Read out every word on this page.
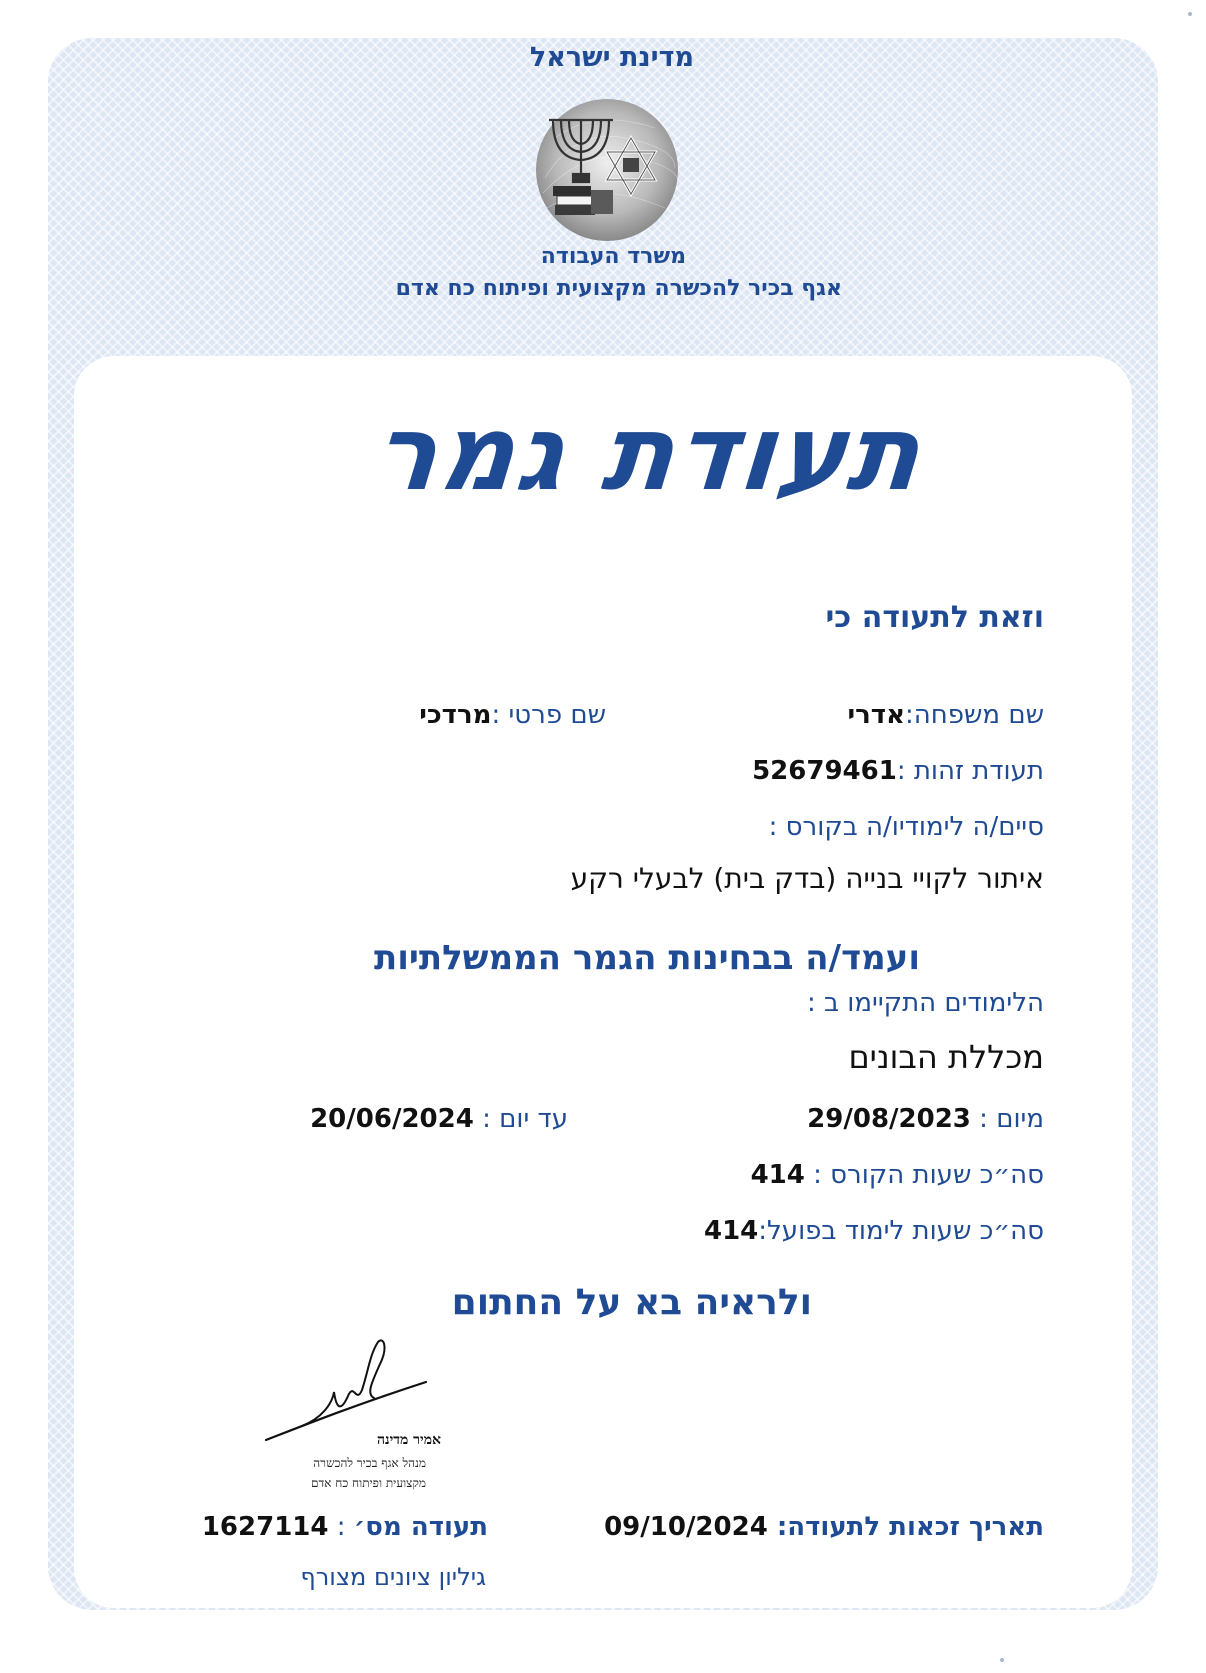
מדינת ישראל
משרד העבודה
אגף בכיר להכשרה מקצועית ופיתוח כח אדם
תעודת גמר
וזאת לתעודה כי
שם משפחה:אדרי
שם פרטי :מרדכי
תעודת זהות :52679461
סיים/ה לימודיו/ה בקורס :
איתור לקויי בנייה (בדק בית) לבעלי רקע
ועמד/ה בבחינות הגמר הממשלתיות
הלימודים התקיימו ב :
מכללת הבונים
מיום : 29/08/2023
עד יום : 20/06/2024
סה״כ שעות הקורס : 414
סה״כ שעות לימוד בפועל:414
ולראיה בא על החתום
אמיר מדינה
מנהל אגף בכיר להכשרה
מקצועית ופיתוח כח אדם
תאריך זכאות לתעודה: 09/10/2024
תעודה מס׳ : 1627114
גיליון ציונים מצורף
